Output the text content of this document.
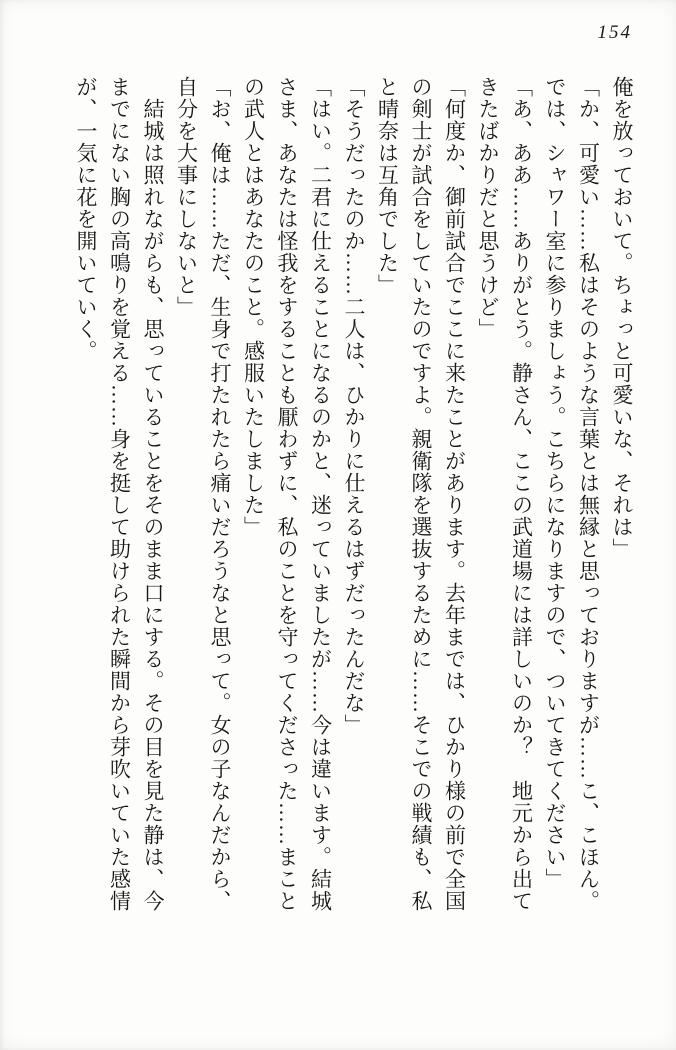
154

俺を放っておいて。ちょっと可愛いな、それは」

「か、可愛い……私はそのような言葉とは無縁と思っておりますが……こ、こほん。

では、シャワー室に参りましょう。こちらになりますので、ついてきてください」

「あ、ああ……ありがとう。静さん、ここの武道場には詳しいのか？　地元から出て

きたばかりだと思うけど」

「何度か、御前試合でここに来たことがあります。去年までは、ひかり様の前で全国

の剣士が試合をしていたのですよ。親衛隊を選抜するために……そこでの戦績も、私

と晴奈は互角でした」

「そうだったのか……二人は、ひかりに仕えるはずだったんだな」

「はい。二君に仕えることになるのかと、迷っていましたが……今は違います。結城

さま、あなたは怪我をすることも厭わずに、私のことを守ってくださった……まこと

の武人とはあなたのこと。感服いたしました」

「お、俺は……ただ、生身で打たれたら痛いだろうなと思って。女の子なんだから、

自分を大事にしないと」

　結城は照れながらも、思っていることをそのまま口にする。その目を見た静は、今

までにない胸の高鳴りを覚える……身を挺して助けられた瞬間から芽吹いていた感情

が、一気に花を開いていく。
